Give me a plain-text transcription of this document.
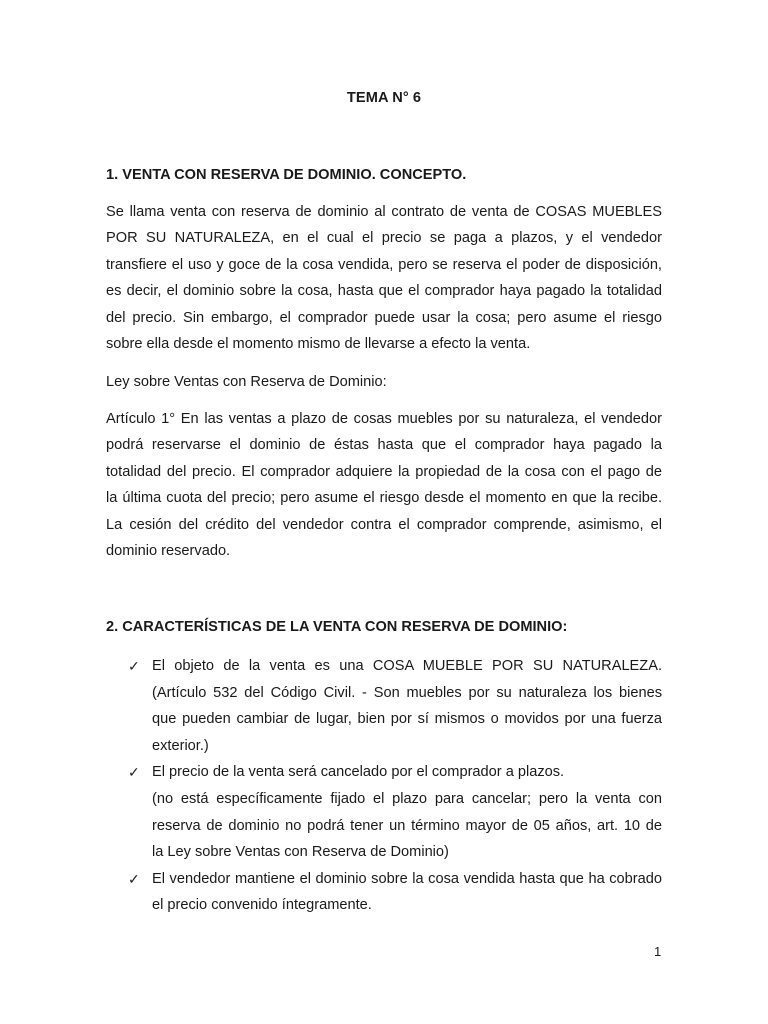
TEMA N° 6
1. VENTA CON RESERVA DE DOMINIO. CONCEPTO.

Se llama venta con reserva de dominio al contrato de venta de COSAS MUEBLES
POR SU NATURALEZA, en el cual el precio se paga a plazos, y el vendedor
transfiere el uso y goce de la cosa vendida, pero se reserva el poder de disposición,
es decir, el dominio sobre la cosa, hasta que el comprador haya pagado la totalidad
del precio. Sin embargo, el comprador puede usar la cosa; pero asume el riesgo
sobre ella desde el momento mismo de llevarse a efecto la venta.

Ley sobre Ventas con Reserva de Dominio:

Artículo 1° En las ventas a plazo de cosas muebles por su naturaleza, el vendedor
podrá reservarse el dominio de éstas hasta que el comprador haya pagado la
totalidad del precio. El comprador adquiere la propiedad de la cosa con el pago de
la última cuota del precio; pero asume el riesgo desde el momento en que la recibe.
La cesión del crédito del vendedor contra el comprador comprende, asimismo, el
dominio reservado.

2. CARACTERÍSTICAS DE LA VENTA CON RESERVA DE DOMINIO:
✓ El objeto de la venta es una COSA MUEBLE POR SU NATURALEZA.
(Artículo 532 del Código Civil. - Son muebles por su naturaleza los bienes
que pueden cambiar de lugar, bien por sí mismos o movidos por una fuerza
exterior.)
✓ El precio de la venta será cancelado por el comprador a plazos.
(no está específicamente fijado el plazo para cancelar; pero la venta con
reserva de dominio no podrá tener un término mayor de 05 años, art. 10 de
la Ley sobre Ventas con Reserva de Dominio)
✓ El vendedor mantiene el dominio sobre la cosa vendida hasta que ha cobrado
el precio convenido íntegramente.
1
